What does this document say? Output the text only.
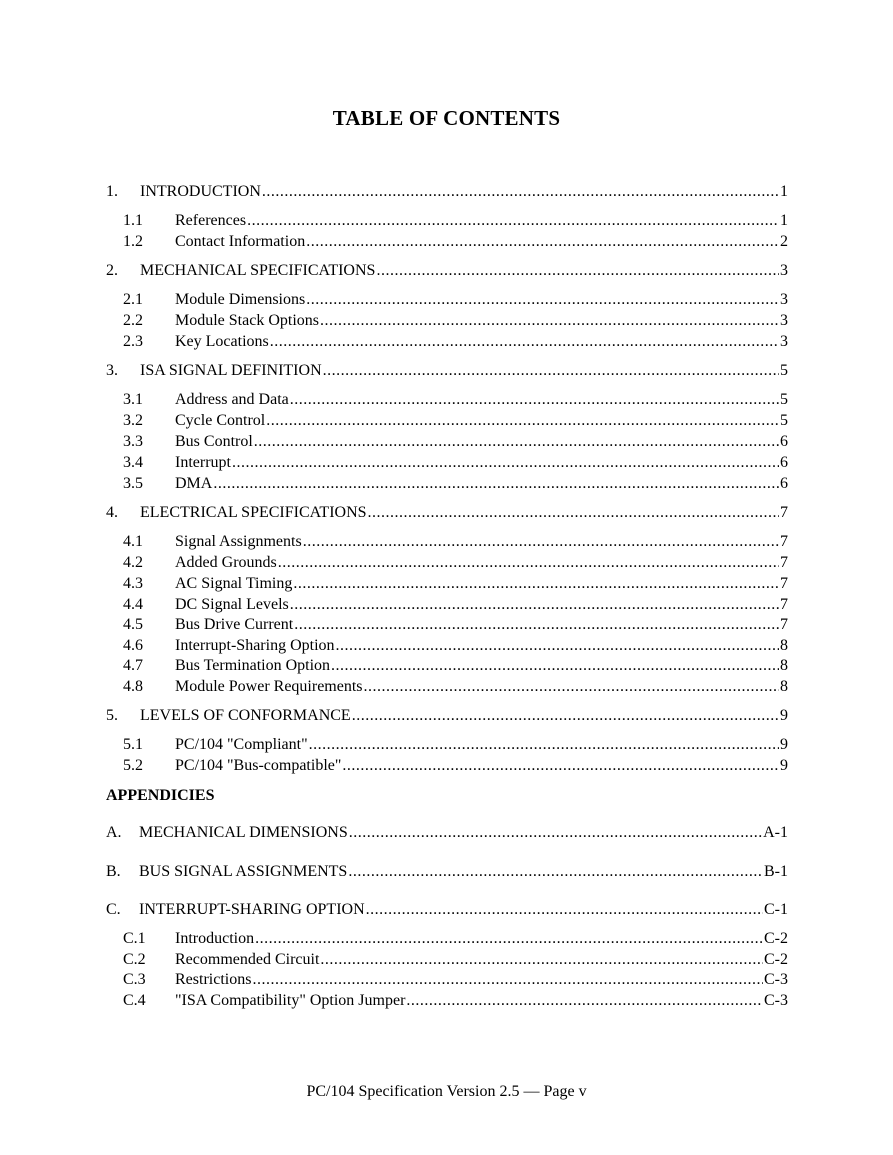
TABLE OF CONTENTS
1.	INTRODUCTION .....	1
1.1	References .....	1
1.2	Contact Information .....	2
2.	MECHANICAL SPECIFICATIONS .....	3
2.1	Module Dimensions .....	3
2.2	Module Stack Options .....	3
2.3	Key Locations .....	3
3.	ISA SIGNAL DEFINITION .....	5
3.1	Address and Data .....	5
3.2	Cycle Control .....	5
3.3	Bus Control .....	6
3.4	Interrupt .....	6
3.5	DMA .....	6
4.	ELECTRICAL SPECIFICATIONS .....	7
4.1	Signal Assignments .....	7
4.2	Added Grounds .....	7
4.3	AC Signal Timing .....	7
4.4	DC Signal Levels .....	7
4.5	Bus Drive Current .....	7
4.6	Interrupt-Sharing Option .....	8
4.7	Bus Termination Option .....	8
4.8	Module Power Requirements .....	8
5.	LEVELS OF CONFORMANCE .....	9
5.1	PC/104 "Compliant" .....	9
5.2	PC/104 "Bus-compatible" .....	9
APPENDICIES
A.	MECHANICAL DIMENSIONS .....	A-1
B.	BUS SIGNAL ASSIGNMENTS .....	B-1
C.	INTERRUPT-SHARING OPTION .....	C-1
C.1	Introduction .....	C-2
C.2	Recommended Circuit .....	C-2
C.3	Restrictions .....	C-3
C.4	"ISA Compatibility" Option Jumper .....	C-3
PC/104 Specification Version 2.5 — Page v
